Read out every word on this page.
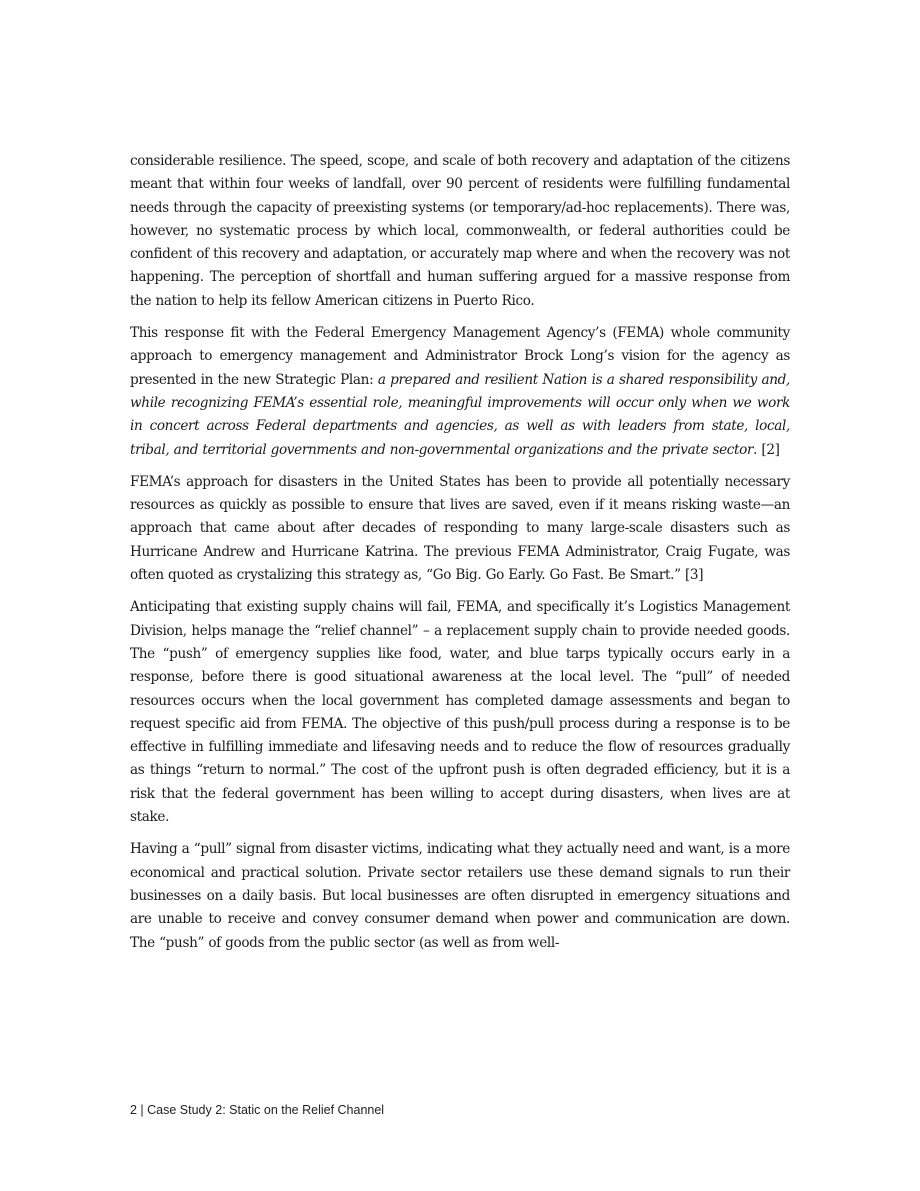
considerable resilience. The speed, scope, and scale of both recovery and adaptation of the citizens meant that within four weeks of landfall, over 90 percent of residents were fulfilling fundamental needs through the capacity of preexisting systems (or temporary/ad-hoc replacements). There was, however, no systematic process by which local, commonwealth, or federal authorities could be confident of this recovery and adaptation, or accurately map where and when the recovery was not happening. The perception of shortfall and human suffering argued for a massive response from the nation to help its fellow American citizens in Puerto Rico.

This response fit with the Federal Emergency Management Agency’s (FEMA) whole community approach to emergency management and Administrator Brock Long’s vision for the agency as presented in the new Strategic Plan: a prepared and resilient Nation is a shared responsibility and, while recognizing FEMA’s essential role, meaningful improvements will occur only when we work in concert across Federal departments and agencies, as well as with leaders from state, local, tribal, and territorial governments and non-governmental organizations and the private sector. [2]

FEMA’s approach for disasters in the United States has been to provide all potentially necessary resources as quickly as possible to ensure that lives are saved, even if it means risking waste—an approach that came about after decades of responding to many large-scale disasters such as Hurricane Andrew and Hurricane Katrina. The previous FEMA Administrator, Craig Fugate, was often quoted as crystalizing this strategy as, “Go Big. Go Early. Go Fast. Be Smart.” [3]

Anticipating that existing supply chains will fail, FEMA, and specifically it’s Logistics Management Division, helps manage the “relief channel” – a replacement supply chain to provide needed goods. The “push” of emergency supplies like food, water, and blue tarps typically occurs early in a response, before there is good situational awareness at the local level. The “pull” of needed resources occurs when the local government has completed damage assessments and began to request specific aid from FEMA. The objective of this push/pull process during a response is to be effective in fulfilling immediate and lifesaving needs and to reduce the flow of resources gradually as things “return to normal.” The cost of the upfront push is often degraded efficiency, but it is a risk that the federal government has been willing to accept during disasters, when lives are at stake.

Having a “pull” signal from disaster victims, indicating what they actually need and want, is a more economical and practical solution. Private sector retailers use these demand signals to run their businesses on a daily basis. But local businesses are often disrupted in emergency situations and are unable to receive and convey consumer demand when power and communication are down. The “push” of goods from the public sector (as well as from well-

2 | Case Study 2: Static on the Relief Channel
